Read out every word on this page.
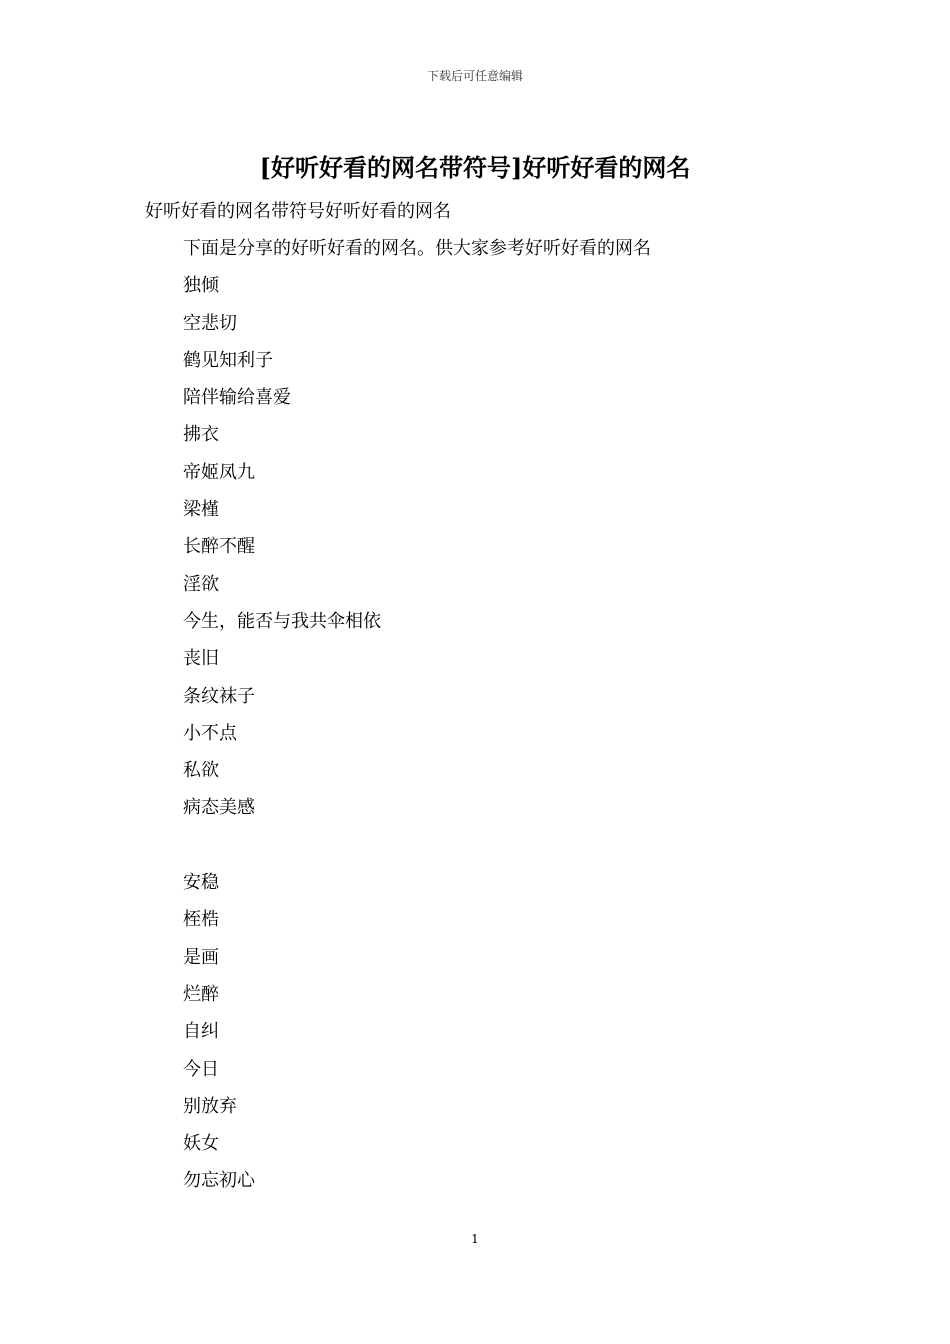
下载后可任意编辑
[好听好看的网名带符号]好听好看的网名
好听好看的网名带符号好听好看的网名
下面是分享的好听好看的网名。供大家参考好听好看的网名
独倾
空悲切
鹤见知利子
陪伴输给喜爱
拂衣
帝姬凤九
梁槿
长醉不醒
淫欲
今生，能否与我共伞相依
丧旧
条纹袜子
小不点
私欲
病态美感
安稳
桎梏
是画
烂醉
自纠
今日
别放弃
妖女
勿忘初心
1
